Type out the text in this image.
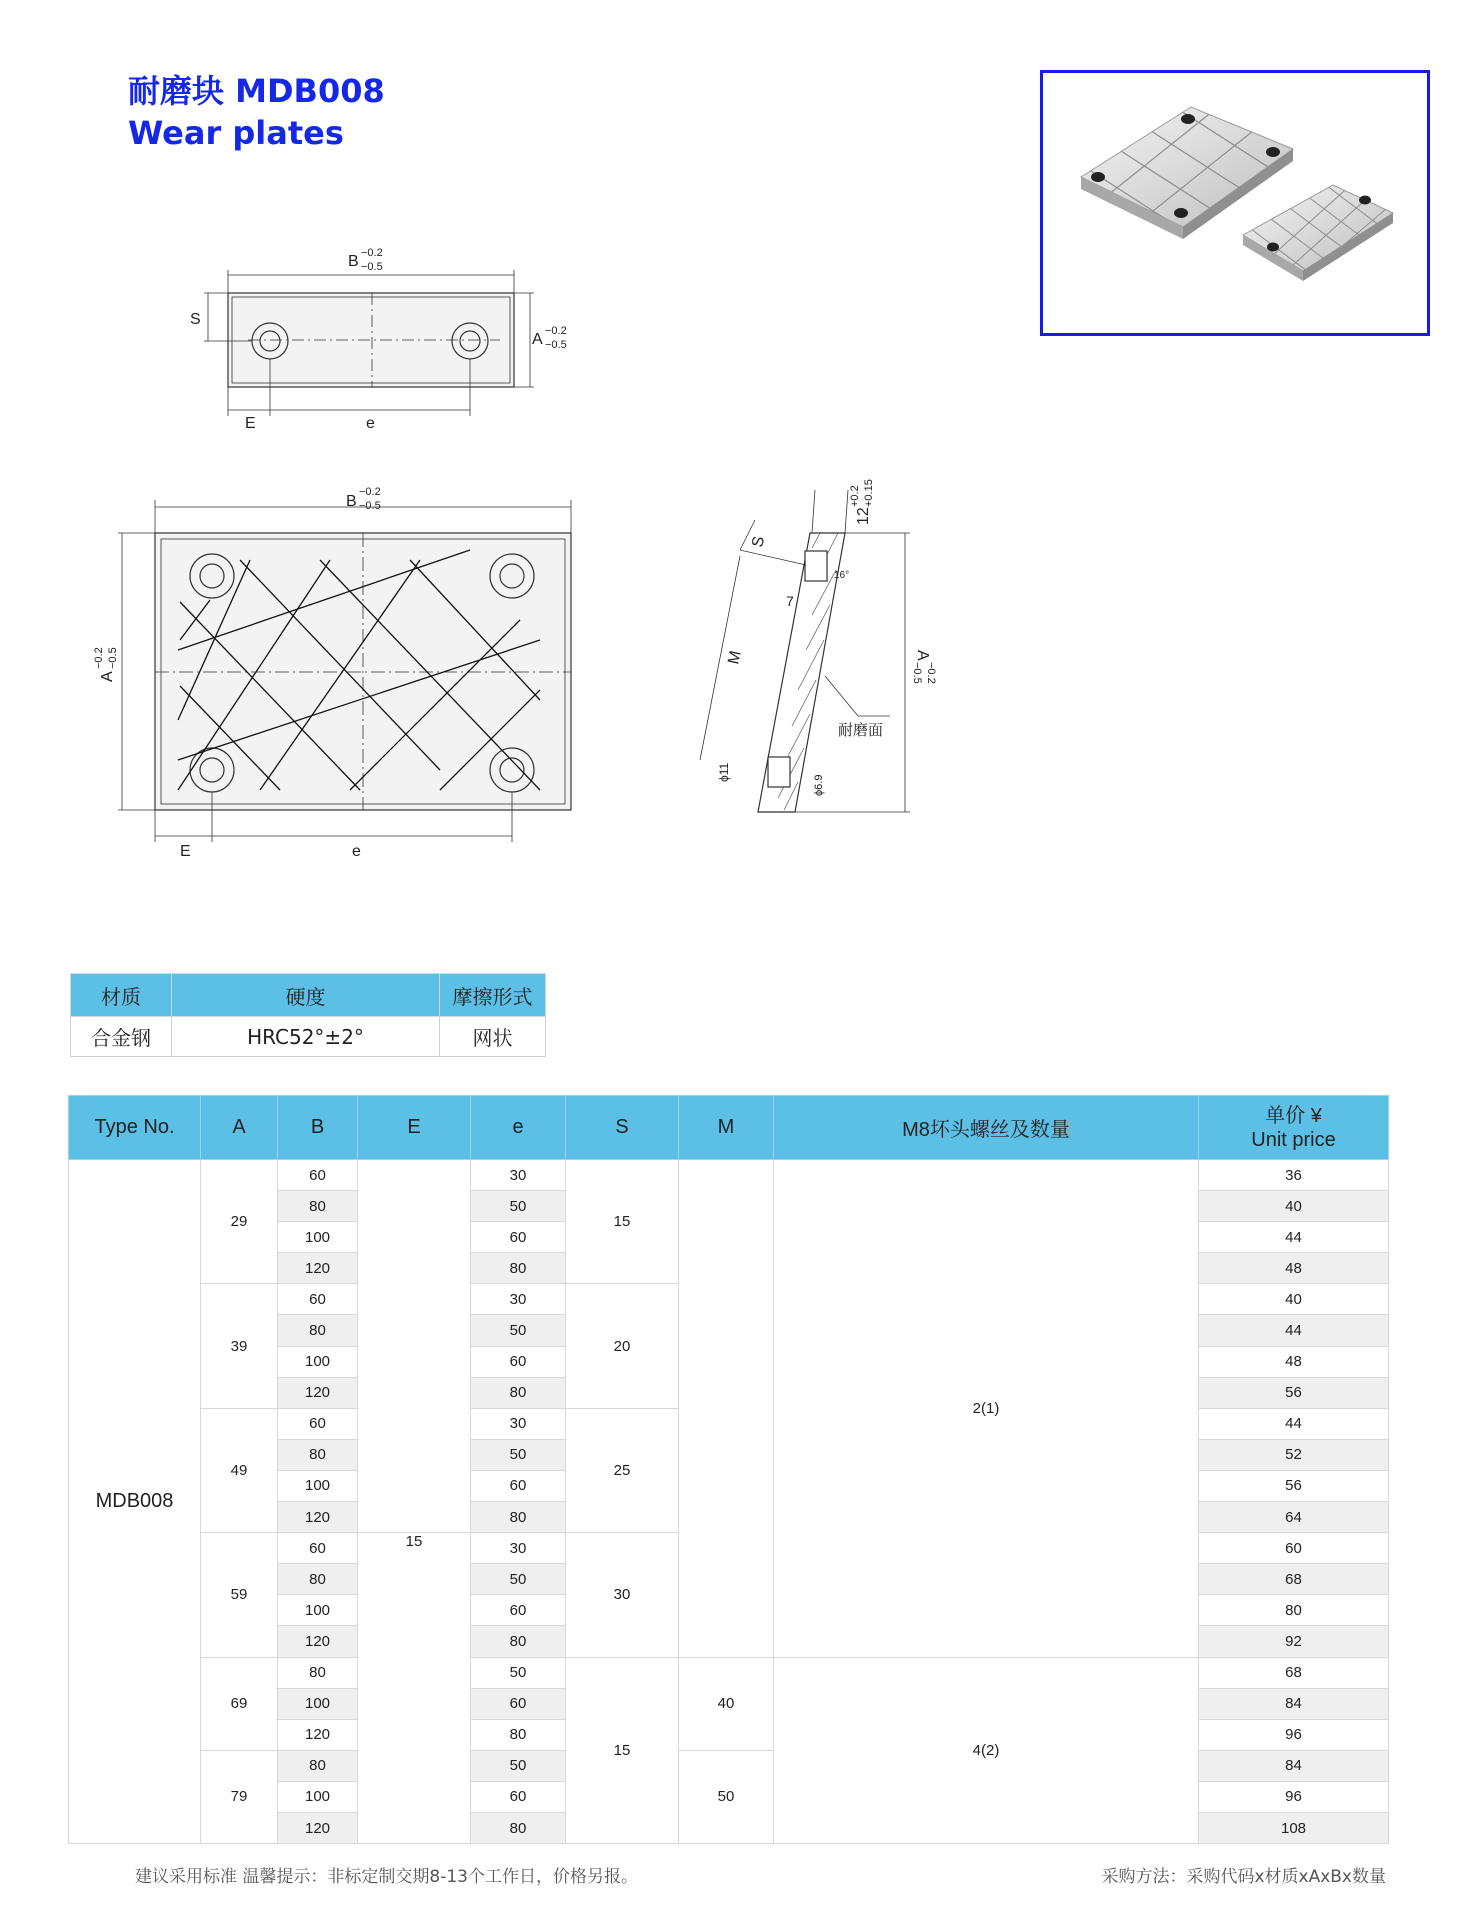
耐磨块 MDB008
Wear plates
B −0.2
−0.5
S
A −0.2
−0.5
E	e
B
−0.2
−0.5
A
−0.2 −0.5
E	e
S
M
12
+0.2 +0.15
7
16°
ϕ11
ϕ6.9
耐磨面
A
−0.2
−0.5
材质	硬度	摩擦形式
合金钢	HRC52°±2°	网状
Type No.	A	B	E	e	S	M	M8坏头螺丝及数量	单价 ¥
Unit price

MDB008	29	60		30	15		2(1)	36
		80		50				40
		100		60				44
		120		80				48
	39	60		30	20			40
		80		50				44
		100		60				48
		120		80				56
	49	60		30	25			44
		80		50				52
		100		60				56
		120		80				64
	59	60	15	30	30			60
		80		50				68
		100		60				80
		120		80				92
	69	80		50	15	40	4(2)	68
		100		60				84
		120		80				96
	79	80		50		50		84
		100		60				96
		120		80				108
建议采用标准 温馨提示：非标定制交期8-13个工作日，价格另报。	采购方法：采购代码x材质xAxBx数量
